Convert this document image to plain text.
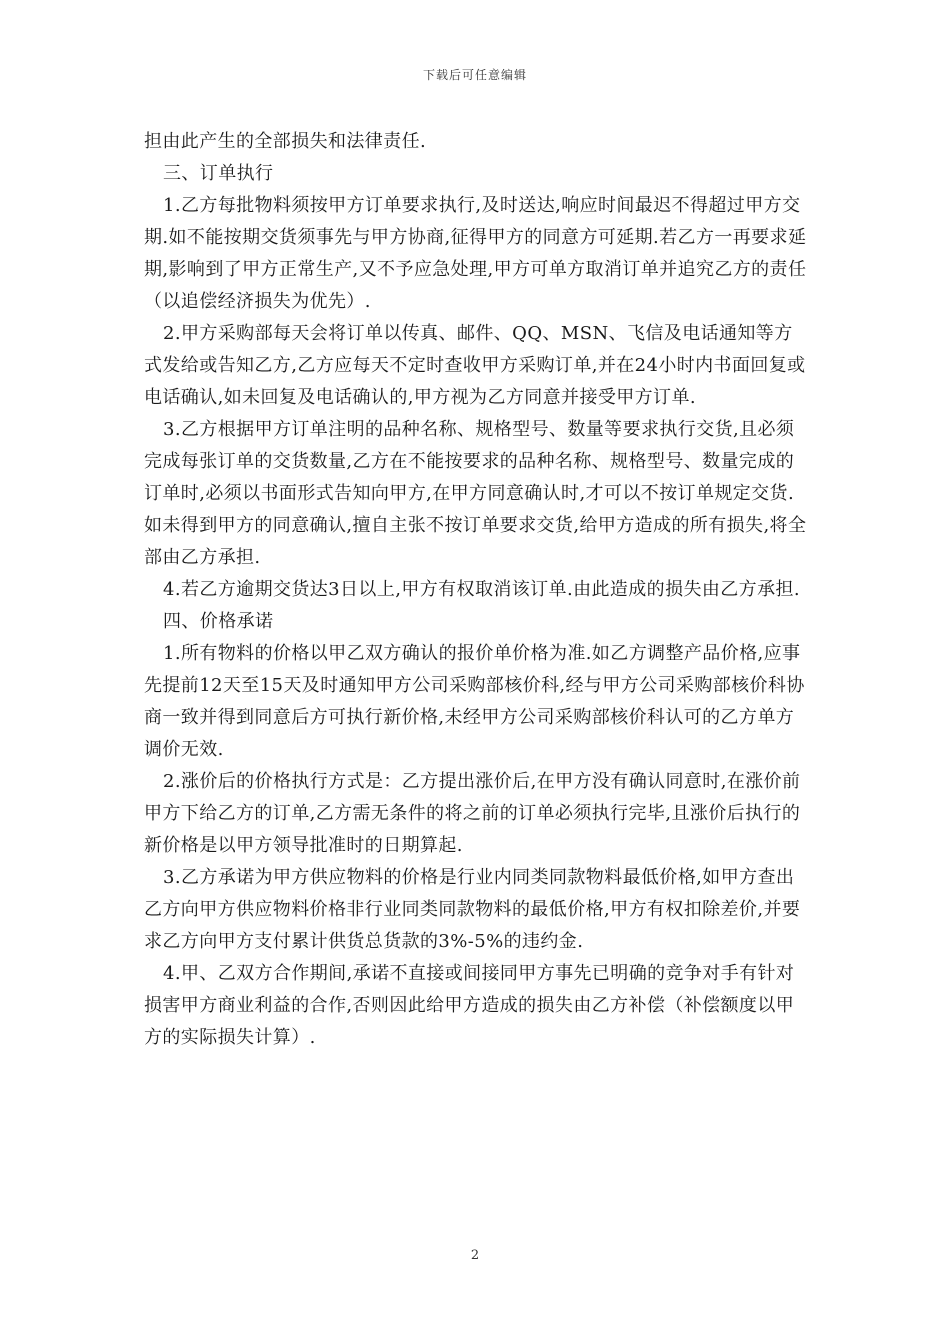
下载后可任意编辑

担由此产生的全部损失和法律责任.

三、订单执行

1.乙方每批物料须按甲方订单要求执行,及时送达,响应时间最迟不得超过甲方交期.如不能按期交货须事先与甲方协商,征得甲方的同意方可延期.若乙方一再要求延期,影响到了甲方正常生产,又不予应急处理,甲方可单方取消订单并追究乙方的责任（以追偿经济损失为优先）.

2.甲方采购部每天会将订单以传真、邮件、QQ、MSN、飞信及电话通知等方式发给或告知乙方,乙方应每天不定时查收甲方采购订单,并在24小时内书面回复或电话确认,如未回复及电话确认的,甲方视为乙方同意并接受甲方订单.

3.乙方根据甲方订单注明的品种名称、规格型号、数量等要求执行交货,且必须完成每张订单的交货数量,乙方在不能按要求的品种名称、规格型号、数量完成的订单时,必须以书面形式告知向甲方,在甲方同意确认时,才可以不按订单规定交货.如未得到甲方的同意确认,擅自主张不按订单要求交货,给甲方造成的所有损失,将全部由乙方承担.

4.若乙方逾期交货达3日以上,甲方有权取消该订单.由此造成的损失由乙方承担.

四、价格承诺

1.所有物料的价格以甲乙双方确认的报价单价格为准.如乙方调整产品价格,应事先提前12天至15天及时通知甲方公司采购部核价科,经与甲方公司采购部核价科协商一致并得到同意后方可执行新价格,未经甲方公司采购部核价科认可的乙方单方调价无效.

2.涨价后的价格执行方式是：乙方提出涨价后,在甲方没有确认同意时,在涨价前甲方下给乙方的订单,乙方需无条件的将之前的订单必须执行完毕,且涨价后执行的新价格是以甲方领导批准时的日期算起.

3.乙方承诺为甲方供应物料的价格是行业内同类同款物料最低价格,如甲方查出乙方向甲方供应物料价格非行业同类同款物料的最低价格,甲方有权扣除差价,并要求乙方向甲方支付累计供货总货款的3%-5%的违约金.

4.甲、乙双方合作期间,承诺不直接或间接同甲方事先已明确的竞争对手有针对损害甲方商业利益的合作,否则因此给甲方造成的损失由乙方补偿（补偿额度以甲方的实际损失计算）.

2
